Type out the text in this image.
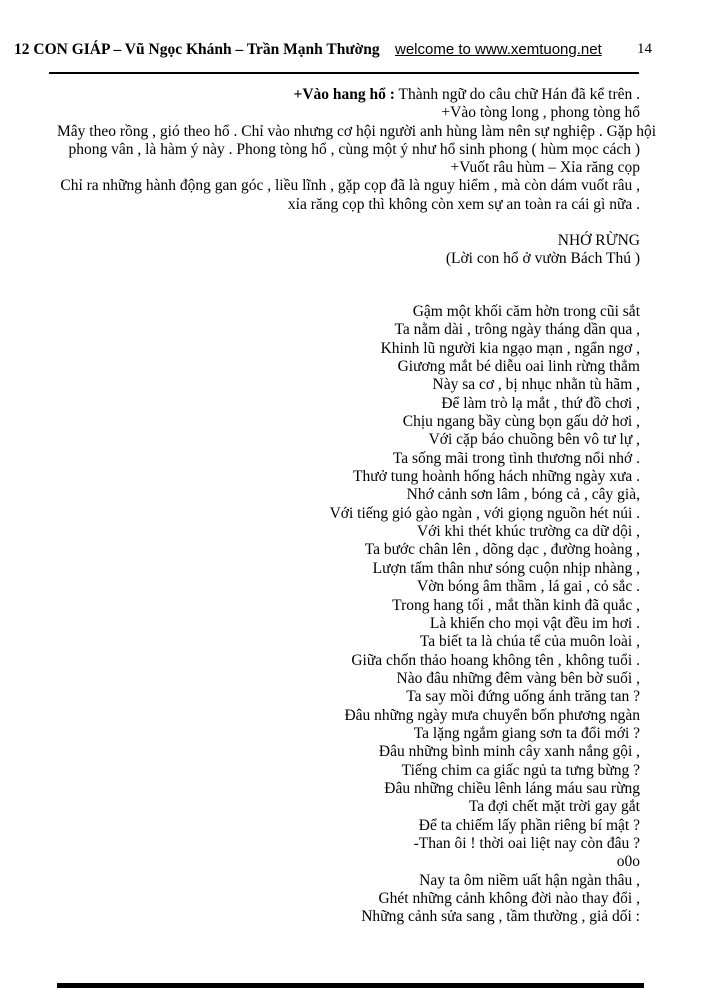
12 CON GIÁP – Vũ Ngọc Khánh – Trần Mạnh Thường welcome to www.xemtuong.net 14
+Vào hang hổ : Thành ngữ do câu chữ Hán đã kể trên .
+Vào tòng long , phong tòng hổ
Mây theo rồng , gió theo hổ . Chỉ vào nhưng cơ hội người anh hùng làm nên sự nghiệp . Gặp hội
phong vân , là hàm ý này . Phong tòng hổ , cùng một ý như hổ sinh phong ( hùm mọc cách )
+Vuốt râu hùm – Xỉa răng cọp
Chỉ ra những hành động gan góc , liều lĩnh , gặp cọp đã là nguy hiểm , mà còn dám vuốt râu ,
xỉa răng cọp thì không còn xem sự an toàn ra cái gì nữa .
NHỚ RỪNG
(Lời con hổ ở vườn Bách Thú )
Gậm một khối căm hờn trong cũi sắt
Ta nằm dài , trông ngày tháng dần qua ,
Khinh lũ người kia ngạo mạn , ngẩn ngơ ,
Giương mắt bé diễu oai linh rừng thẳm
Này sa cơ , bị nhục nhằn tù hãm ,
Để làm trò lạ mắt , thứ đồ chơi ,
Chịu ngang bầy cùng bọn gấu dở hơi ,
Với cặp báo chuồng bên vô tư lự ,
Ta sống mãi trong tình thương nổi nhớ .
Thưở tung hoành hống hách những ngày xưa .
Nhớ cảnh sơn lâm , bóng cả , cây già,
Với tiếng gió gào ngàn , với giọng nguồn hét núi .
Với khi thét khúc trường ca dữ dội ,
Ta bước chân lên , dõng dạc , đường hoàng ,
Lượn tấm thân như sóng cuộn nhịp nhàng ,
Vờn bóng âm thầm , lá gai , cỏ sắc .
Trong hang tối , mắt thần kinh đã quắc ,
Là khiến cho mọi vật đều im hơi .
Ta biết ta là chúa tể của muôn loài ,
Giữa chốn thảo hoang không tên , không tuổi .
Nào đâu những đêm vàng bên bờ suối ,
Ta say mồi đứng uống ánh trăng tan ?
Đâu những ngày mưa chuyển bốn phương ngàn
Ta lặng ngắm giang sơn ta đổi mới ?
Đâu những bình minh cây xanh nắng gội ,
Tiếng chim ca giấc ngủ ta tưng bừng ?
Đâu những chiều lênh láng máu sau rừng
Ta đợi chết mặt trời gay gắt
Để ta chiếm lấy phần riêng bí mật ?
-Than ôi ! thời oai liệt nay còn đâu ?
o0o
Nay ta ôm niềm uất hận ngàn thâu ,
Ghét những cảnh không đời nào thay đổi ,
Những cảnh sửa sang , tầm thường , giả dối :
